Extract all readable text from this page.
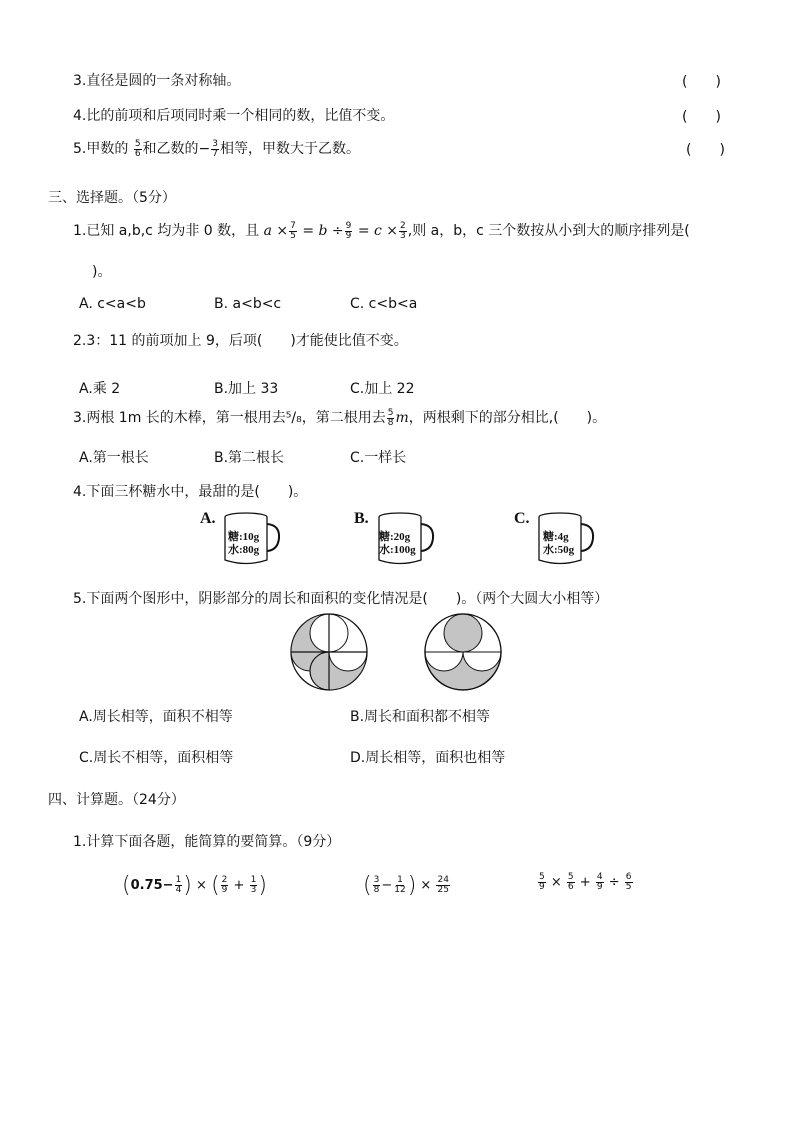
3.直径是圆的一条对称轴。	(　　)
4.比的前项和后项同时乘一个相同的数，比值不变。	(　　)
5.甲数的 $\frac{5}{6}$ 和乙数的− $\frac{3}{7}$ 相等，甲数大于乙数。	(　　)
三、选择题。（5分）
1.已知 a,b,c 均为非 0 数，且 $a \times \frac{7}{5} = b \div \frac{9}{9} = c \times \frac{2}{3}$ ,则 a，b，c 三个数按从小到大的顺序排列是(
)。
A. c<a<b	B. a<b<c	C. c<b<a
2.3：11 的前项加上 9，后项(　　)才能使比值不变。
A.乘 2	B.加上 33	C.加上 22
3.两根 1m 长的木棒，第一根用去⁵/₈，第二根用去 $\frac{5}{8}$ m，两根剩下的部分相比,(　　)。
A.第一根长	B.第二根长	C.一样长
4.下面三杯糖水中，最甜的是(　　)。
A.
糖:10g
水:80g
B.
糖:20g
水:100g
C.
糖:4g
水:50g
5.下面两个图形中，阴影部分的周长和面积的变化情况是(　　)。（两个大圆大小相等）
A.周长相等，面积不相等	B.周长和面积都不相等
C.周长不相等，面积相等	D.周长相等，面积也相等
四、计算题。（24分）
1.计算下面各题，能简算的要简算。（9分）
($0.75- \frac{1}{4}$ ) × ( $\frac{2}{9} + \frac{1}{3}$ )	( $\frac{3}{8} - \frac{1}{12}$ ) × $\frac{24}{25}$	$\frac{5}{9} \times \frac{5}{6} + \frac{4}{9} \div \frac{6}{5}$
